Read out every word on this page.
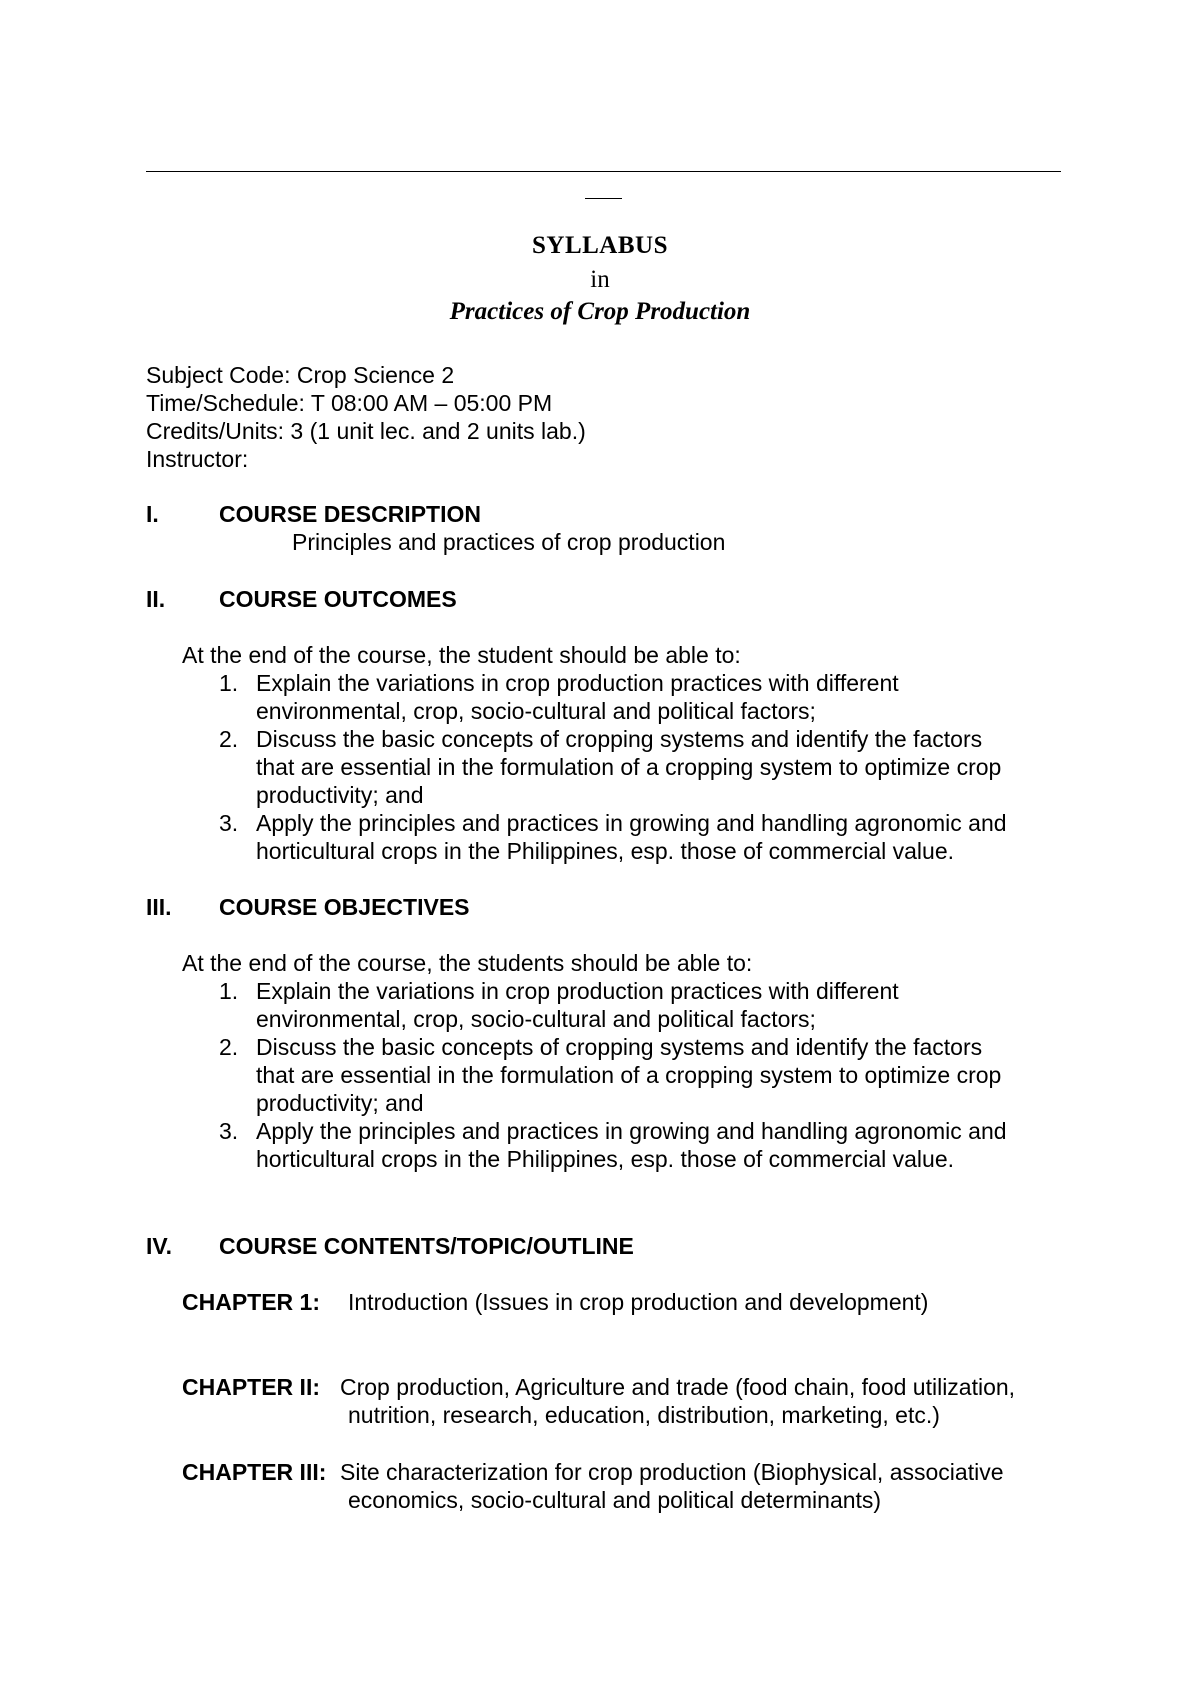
SYLLABUS
in
Practices of Crop Production
Subject Code: Crop Science 2
Time/Schedule: T 08:00 AM – 05:00 PM
Credits/Units: 3 (1 unit lec. and 2 units lab.)
Instructor:
I.	COURSE DESCRIPTION
Principles and practices of crop production
II. COURSE OUTCOMES
At the end of the course, the student should be able to:
1. Explain the variations in crop production practices with different
environmental, crop, socio-cultural and political factors;
2. Discuss the basic concepts of cropping systems and identify the factors
that are essential in the formulation of a cropping system to optimize crop
productivity; and
3. Apply the principles and practices in growing and handling agronomic and
horticultural crops in the Philippines, esp. those of commercial value.
III. COURSE OBJECTIVES
At the end of the course, the students should be able to:
1. Explain the variations in crop production practices with different
environmental, crop, socio-cultural and political factors;
2. Discuss the basic concepts of cropping systems and identify the factors
that are essential in the formulation of a cropping system to optimize crop
productivity; and
3. Apply the principles and practices in growing and handling agronomic and
horticultural crops in the Philippines, esp. those of commercial value.
IV. COURSE CONTENTS/TOPIC/OUTLINE
CHAPTER 1: Introduction (Issues in crop production and development)
CHAPTER II: Crop production, Agriculture and trade (food chain, food utilization,
nutrition, research, education, distribution, marketing, etc.)
CHAPTER III: Site characterization for crop production (Biophysical, associative
economics, socio-cultural and political determinants)
